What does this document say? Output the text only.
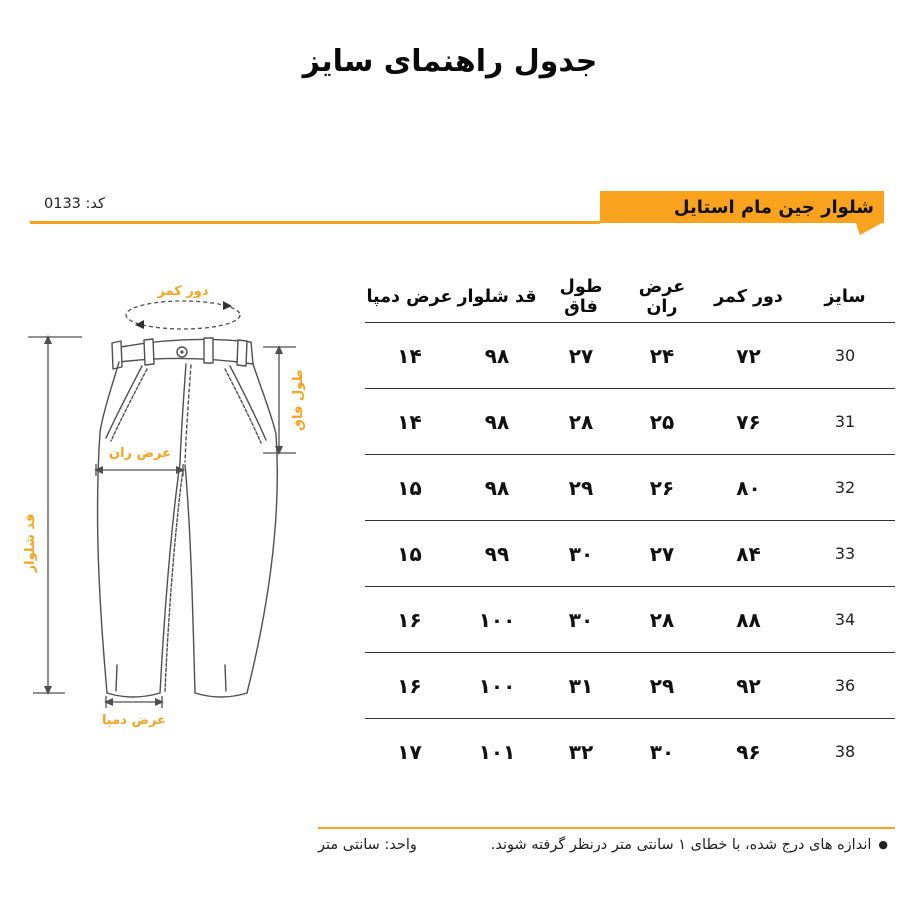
جدول راهنمای سایز
شلوار جین مام استایل
کد: 0133
دور کمر
طول فاق
قد شلوار
عرض ران
عرض دمپا
سایز
دور کمر
عرض ران
طول فاق
قد شلوار
عرض دمپا
30
۷۲
۲۴
۲۷
۹۸
۱۴
31
۷۶
۲۵
۲۸
۹۸
۱۴
32
۸۰
۲۶
۲۹
۹۸
۱۵
33
۸۴
۲۷
۳۰
۹۹
۱۵
34
۸۸
۲۸
۳۰
۱۰۰
۱۶
36
۹۲
۲۹
۳۱
۱۰۰
۱۶
38
۹۶
۳۰
۳۲
۱۰۱
۱۷
●
اندازه های درج شده، با خطای ۱ سانتی متر درنظر گرفته شوند.
واحد: سانتی متر
